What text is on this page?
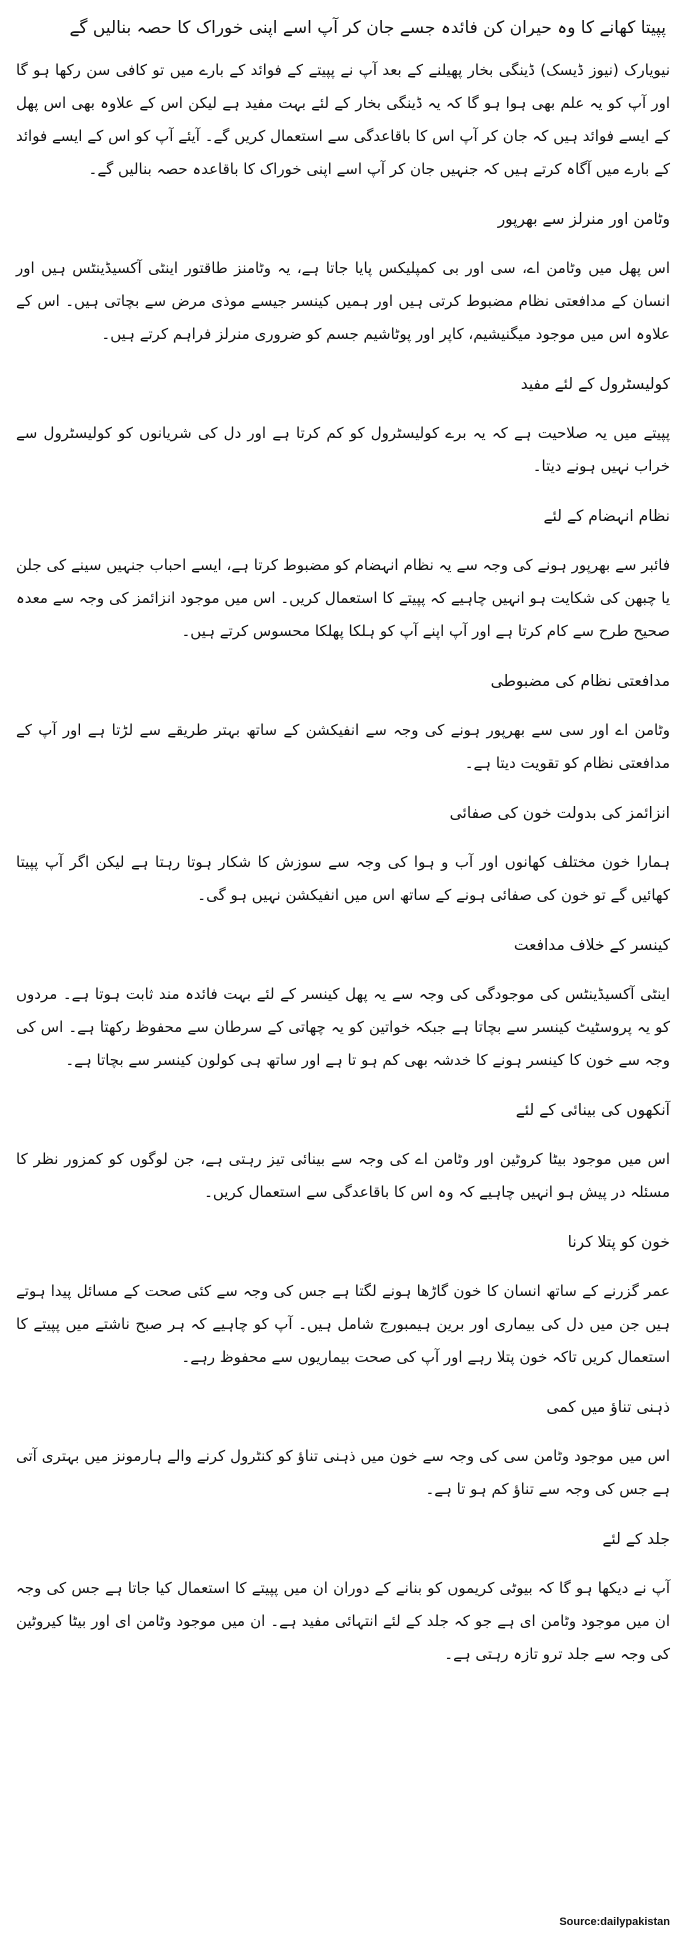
پپیتا کھانے کا وہ حیران کن فائدہ جسے جان کر آپ اسے اپنی خوراک کا حصہ بنالیں گے

نیویارک (نیوز ڈیسک) ڈینگی بخار پھیلنے کے بعد آپ نے پپیتے کے فوائد کے بارے میں تو کافی سن رکھا ہو گا اور آپ کو یہ علم بھی ہوا ہو گا کہ یہ ڈینگی بخار کے لئے بہت مفید ہے لیکن اس کے علاوہ بھی اس پھل کے ایسے فوائد ہیں کہ جان کر آپ اس کا باقاعدگی سے استعمال کریں گے۔ آیئے آپ کو اس کے ایسے فوائد کے بارے میں آگاہ کرتے ہیں کہ جنہیں جان کر آپ اسے اپنی خوراک کا باقاعدہ حصہ بنالیں گے۔

وٹامن اور منرلز سے بھرپور

اس پھل میں وٹامن اے، سی اور بی کمپلیکس پایا جاتا ہے، یہ وٹامنز طاقتور اینٹی آکسیڈینٹس ہیں اور انسان کے مدافعتی نظام مضبوط کرتی ہیں اور ہمیں کینسر جیسے موذی مرض سے بچاتی ہیں۔ اس کے علاوہ اس میں موجود میگنیشیم، کاپر اور پوٹاشیم جسم کو ضروری منرلز فراہم کرتے ہیں۔

کولیسٹرول کے لئے مفید

پپیتے میں یہ صلاحیت ہے کہ یہ برے کولیسٹرول کو کم کرتا ہے اور دل کی شریانوں کو کولیسٹرول سے خراب نہیں ہونے دیتا۔

نظام انہضام کے لئے

فائبر سے بھرپور ہونے کی وجہ سے یہ نظام انہضام کو مضبوط کرتا ہے، ایسے احباب جنہیں سینے کی جلن یا چبھن کی شکایت ہو انہیں چاہیے کہ پپیتے کا استعمال کریں۔ اس میں موجود انزائمز کی وجہ سے معدہ صحیح طرح سے کام کرتا ہے اور آپ اپنے آپ کو ہلکا پھلکا محسوس کرتے ہیں۔

مدافعتی نظام کی مضبوطی

وٹامن اے اور سی سے بھرپور ہونے کی وجہ سے انفیکشن کے ساتھ بہتر طریقے سے لڑتا ہے اور آپ کے مدافعتی نظام کو تقویت دیتا ہے۔

انزائمز کی بدولت خون کی صفائی

ہمارا خون مختلف کھانوں اور آب و ہوا کی وجہ سے سوزش کا شکار ہوتا رہتا ہے لیکن اگر آپ پپیتا کھائیں گے تو خون کی صفائی ہونے کے ساتھ اس میں انفیکشن نہیں ہو گی۔

کینسر کے خلاف مدافعت

اینٹی آکسیڈینٹس کی موجودگی کی وجہ سے یہ پھل کینسر کے لئے بہت فائدہ مند ثابت ہوتا ہے۔ مردوں کو یہ پروسٹیٹ کینسر سے بچاتا ہے جبکہ خواتین کو یہ چھاتی کے سرطان سے محفوظ رکھتا ہے۔ اس کی وجہ سے خون کا کینسر ہونے کا خدشہ بھی کم ہو تا ہے اور ساتھ ہی کولون کینسر سے بچاتا ہے۔

آنکھوں کی بینائی کے لئے

اس میں موجود بیٹا کروٹین اور وٹامن اے کی وجہ سے بینائی تیز رہتی ہے، جن لوگوں کو کمزور نظر کا مسئلہ در پیش ہو انہیں چاہیے کہ وہ اس کا باقاعدگی سے استعمال کریں۔

خون کو پتلا کرنا

عمر گزرنے کے ساتھ انسان کا خون گاڑھا ہونے لگتا ہے جس کی وجہ سے کئی صحت کے مسائل پیدا ہوتے ہیں جن میں دل کی بیماری اور برین ہیمبورج شامل ہیں۔ آپ کو چاہیے کہ ہر صبح ناشتے میں پپیتے کا استعمال کریں تاکہ خون پتلا رہے اور آپ کی صحت بیماریوں سے محفوظ رہے۔

ذہنی تناؤ میں کمی

اس میں موجود وٹامن سی کی وجہ سے خون میں ذہنی تناؤ کو کنٹرول کرنے والے ہارمونز میں بہتری آتی ہے جس کی وجہ سے تناؤ کم ہو تا ہے۔

جلد کے لئے

آپ نے دیکھا ہو گا کہ بیوٹی کریموں کو بنانے کے دوران ان میں پپیتے کا استعمال کیا جاتا ہے جس کی وجہ ان میں موجود وٹامن ای ہے جو کہ جلد کے لئے انتہائی مفید ہے۔ ان میں موجود وٹامن ای اور بیٹا کیروٹین کی وجہ سے جلد ترو تازہ رہتی ہے۔

Source:dailypakistan
